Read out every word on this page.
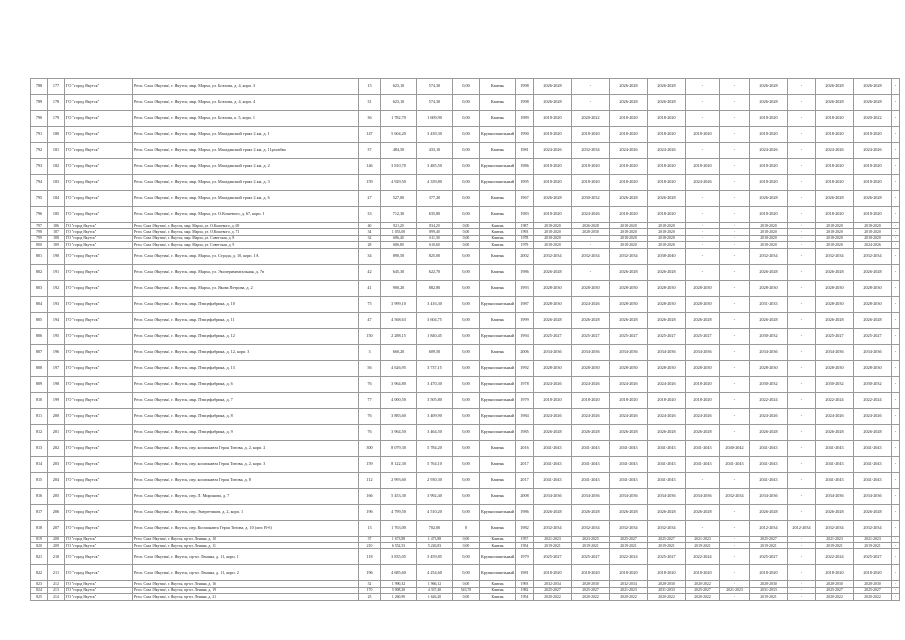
788	177	ГО "город Якутск"	Респ. Саха /Якутия/, г. Якутск, мкр. Марха, ул. Бозлова, д. 4, корп. 3	15	623,10	574,30	0,00	Камень	1998	2026-2028	-	2026-2028	2026-2028	-	-	2026-2028	-	2026-2028	2026-2028	-
789	178	ГО "город Якутск"	Респ. Саха /Якутия/, г. Якутск, мкр. Марха, ул. Бозлова, д. 4, корп. 4	31	623,10	574,30	0,00	Камень	1998	2026-2028	-	2026-2028	2026-2028	-	-	2026-2028	-	2026-2028	2026-2028	-
790	179	ГО "город Якутск"	Респ. Саха /Якутия/, г. Якутск, мкр. Марха, ул. Бозлова, к. 5, корп. 1	36	1 782,70	1 609,90	0,00	Камень	1989	2018-2020	2020-2022	2018-2020	2018-2020	-	-	2018-2020	-	2018-2020	2020-2022	-
791	180	ГО "город Якутск"	Респ. Саха /Якутия/, г. Якутск, мкр. Марха, ул. Магаданский тракт 2 км, д. 1	147	5 604,20	3 439,30	0,00	Крупнопанельный	1990	2018-2020	2018-2020	2018-2020	2018-2020	2018-2020	-	2018-2020	-	2018-2020	2018-2020	-
792	181	ГО "город Якутск"	Респ. Саха /Якутия/, г. Якутск, мкр. Марха, ул. Магаданский тракт 2 км, д. 11рхоабва	37	484,50	433,10	0,00	Камень	1981	2024-2026	2032-2034	2024-2026	2024-2026	-	-	2024-2026	-	2024-2026	2024-2026	-
793	182	ГО "город Якутск"	Респ. Саха /Якутия/, г. Якутск, мкр. Марха, ул. Магаданский тракт 2 км, д. 2	146	3 810,70	3 485,50	0,00	Крупнопанельный	1986	2018-2020	2018-2020	2018-2020	2018-2020	2018-2020	-	2018-2020	-	2018-2020	2018-2020	-
794	183	ГО "город Якутск"	Респ. Саха /Якутия/, г. Якутск, мкр. Марха, ул. Магаданский тракт 2 км, д. 3	159	4 929,50	4 339,80	0,00	Крупнопанельный	1995	2018-2020	2018-2020	2018-2020	2018-2020	2024-2026	-	2018-2020	-	2018-2020	2018-2020	-
795	184	ГО "город Якутск"	Респ. Саха /Якутия/, г. Якутск, мкр. Марха, ул. Магаданский тракт 2 км, д. 6	27	527,00	377,20	0,00	Камень	1967	2026-2028	2030-2032	2026-2028	2026-2028	-	-	2026-2028	-	2026-2028	2026-2028	-
796	185	ГО "город Якутск"	Респ. Саха /Якутия/, г. Якутск, мкр. Марха, ул. О.Кошевого, д. 67, корп. 1	33	712,30	635,80	0,00	Камень	1983	2018-2020	2024-2026	2018-2020	2018-2020	-	-	2018-2020	-	2018-2020	2018-2020	-
797	186	ГО "город Якутск"	Респ. Саха /Якутия/, г. Якутск, мкр. Марха, ул. О.Кошевого, д. 69	40	921,20	834,20	0,00	Камень	1987	2018-2020	2026-2028	2018-2020	2018-2020	-	-	2018-2020	-	2018-2020	2018-2020	-
798	187	ГО "город Якутск"	Респ. Саха /Якутия/, г. Якутск, мкр. Марха, ул. О.Кошевого, д. 71	34	1 053,00	899,40	0,00	Камень	1993	2018-2020	2028-2030	2018-2020	2018-2020	-	-	2018-2020	-	2018-2020	2018-2020	-
799	188	ГО "город Якутск"	Респ. Саха /Якутия/, г. Якутск, мкр. Марха, ул. Советская, д. 8	32	686,40	611,30	0,00	Камень	1978	2018-2020	-	2018-2020	2018-2020	-	-	2018-2020	-	2018-2020	2018-2020	-
800	189	ГО "город Якутск"	Респ. Саха /Якутия/, г. Якутск, мкр. Марха, ул. Советская, д. 9	28	686,80	610,60	0,00	Камень	1979	2018-2020	-	2018-2020	2018-2020	-	-	2018-2020	-	2018-2020	2024-2026	-
801	190	ГО "город Якутск"	Респ. Саха /Якутия/, г. Якутск, мкр. Марха, ул. Строда, д. 10, корп. 1А	34	890,50	825,00	0,00	Камень	2002	2032-2034	2032-2034	2032-2034	2038-2040	-	-	2032-2034	-	2032-2034	2032-2034	-
802	191	ГО "город Якутск"	Респ. Саха /Якутия/, г. Якутск, мкр. Марха, ул. Экспериментальная, д. 7в	42	645,30	622,70	0,00	Камень	1986	2026-2028	-	2026-2028	2026-2028	-	-	2026-2028	-	2026-2028	2026-2028	-
803	192	ГО "город Якутск"	Респ. Саха /Якутия/, г. Якутск, мкр. Марха, ул. Якова Петрова, д. 2	41	900,20	882,80	0,00	Камень	1993	2028-2030	2028-2030	2028-2030	2028-2030	2028-2030	-	2028-2030	-	2028-2030	2028-2030	-
804	193	ГО "город Якутск"	Респ. Саха /Якутия/, г. Якутск, мкр. Птицефабрика, д. 10	75	3 999,10	3 416,30	0,00	Крупнопанельный	1987	2028-2030	2024-2026	2028-2030	2028-2030	2028-2030	-	2031-2033	-	2028-2030	2028-2030	-
805	194	ГО "город Якутск"	Респ. Саха /Якутия/, г. Якутск, мкр. Птицефабрика, д. 11	47	4 568,63	3 604,75	0,00	Камень	1999	2026-2028	2026-2028	2026-2028	2026-2028	2026-2028	-	2026-2028	-	2026-2028	2026-2028	-
806	195	ГО "город Якутск"	Респ. Саха /Якутия/, г. Якутск, мкр. Птицефабрика, д. 12	150	2 288,15	1 840,45	0,00	Крупнопанельный	1994	2025-2027	2025-2027	2025-2027	2025-2027	2025-2027	-	2030-2032	-	2025-2027	2025-2027	-
807	196	ГО "город Якутск"	Респ. Саха /Якутия/, г. Якутск, мкр. Птицефабрика, д. 12, корп. 3	3	660,20	609,50	0,00	Камень	2006	2034-2036	2034-2036	2034-2036	2034-2036	2034-2036	-	2034-2036	-	2034-2036	2034-2036	-
808	197	ГО "город Якутск"	Респ. Саха /Якутия/, г. Якутск, мкр. Птицефабрика, д. 13	56	4 626,95	3 737,15	0,00	Крупнопанельный	1992	2028-2030	2028-2030	2028-2030	2028-2030	2028-2030	-	2028-2030	-	2028-2030	2028-2030	-
809	198	ГО "город Якутск"	Респ. Саха /Якутия/, г. Якутск, мкр. Птицефабрика, д. 6	76	3 964,80	3 470,30	0,00	Крупнопанельный	1978	2024-2026	2024-2026	2024-2026	2024-2026	2018-2020	-	2030-2032	-	2030-2032	2030-2032	-
810	199	ГО "город Якутск"	Респ. Саха /Якутия/, г. Якутск, мкр. Птицефабрика, д. 7	77	4 000,50	3 505,80	0,00	Крупнопанельный	1979	2018-2020	2018-2020	2018-2020	2018-2020	2018-2020	-	2022-2024	-	2022-2024	2022-2024	-
811	200	ГО "город Якутск"	Респ. Саха /Якутия/, г. Якутск, мкр. Птицефабрика, д. 8	76	3 883,60	3 409,90	0,00	Крупнопанельный	1984	2024-2026	2024-2026	2024-2026	2024-2026	2024-2026	-	2024-2026	-	2024-2026	2024-2026	-
812	201	ГО "город Якутск"	Респ. Саха /Якутия/, г. Якутск, мкр. Птицефабрика, д. 9	76	3 964,50	3 464,50	0,00	Крупнопанельный	1985	2026-2028	2026-2028	2026-2028	2026-2028	2026-2028	-	2026-2028	-	2026-2028	2026-2028	-
813	202	ГО "город Якутск"	Респ. Саха /Якутия/, г. Якутск, пер. космонавта Героя Титова, д. 2, корп. 2	300	8 079,30	5 784,20	0,00	Камень	2016	2041-2043	2041-2043	2041-2043	2041-2043	2041-2043	2040-2042	2041-2043	-	2041-2043	2041-2043	-
814	203	ГО "город Якутск"	Респ. Саха /Якутия/, г. Якутск, пер. космонавта Героя Титова, д. 2, корп. 3	159	8 122,30	5 764,10	0,00	Камень	2017	2041-2043	2041-2043	2041-2043	2041-2043	2041-2043	2041-2043	2041-2043	-	2041-2043	2041-2043	-
815	204	ГО "город Якутск"	Респ. Саха /Якутия/, г. Якутск, пер. космонавта Героя Титова, д. 8	112	2 993,60	2 930,30	0,00	Камень	2017	2041-2043	2041-2043	2041-2043	2041-2043	-	-	2041-2043	-	2041-2043	2041-2043	-
816	205	ГО "город Якутск"	Респ. Саха /Якутия/, г. Якутск, пер. Л. Миронова, д. 7	166	5 453,30	3 992,40	0,00	Камень	2008	2034-2036	2034-2036	2034-2036	2034-2036	2034-2036	2032-2034	2034-2036	-	2034-2036	2034-2036	-
817	206	ГО "город Якутск"	Респ. Саха /Якутия/, г. Якутск, пер. Энергетиков, д. 2, корп. 1	196	4 799,50	4 510,20	0,00	Крупнопанельный	1986	2026-2028	2026-2028	2026-2028	2026-2028	2026-2028	-	2026-2028	-	2026-2028	2026-2028	-
818	207	ГО "город Якутск"	Респ. Саха /Якутия/, г. Якутск, пер. Космонавта Героя Титова, д. 10 (лит. В-б)	13	1 763,00	702,00	0	Камень	1982	2032-2034	2032-2034	2032-2034	2032-2034	-	-	2012-2034	2012-2034	2032-2034	2032-2034	-
819	208	ГО "город Якутск"	Респ. Саха /Якутия/, г. Якутск, пр-кт. Ленина, д. 10	37	1 673,88	1 473,88	0,00	Камень	1957	2021-2023	2023-2025	2025-2027	2025-2027	2021-2023	-	2025-2027	-	2021-2023	2021-2023	-
820	209	ГО "город Якутск"	Респ. Саха /Якутия/, г. Якутск, пр-кт. Ленина, д. 11	210	6 552,53	5 226,83	0,00	Камень	1954	2019-2021	2019-2021	2019-2021	2019-2021	2019-2021	-	2019-2021	-	2019-2021	2019-2021	-
821	210	ГО "город Якутск"	Респ. Саха /Якутия/, г. Якутск, пр-кт. Ленина, д. 11, корп. 1	118	3 835,05	3 459,85	0,00	Крупнопанельный	1979	2025-2027	2025-2027	2022-2024	2025-2027	2022-2024	-	2025-2027	-	2022-2024	2025-2027	-
822	211	ГО "город Якутск"	Респ. Саха /Якутия/, г. Якутск, пр-кт. Ленина, д. 11, корп. 2	196	4 685,60	4 254,60	0,00	Крупнопанельный	1981	2018-2020	2018-2020	2018-2020	2018-2020	2018-2020	-	2018-2020	-	2018-2020	2018-2020	-
823	212	ГО "город Якутск"	Респ. Саха /Якутия/, г. Якутск, пр-кт. Ленина, д. 16	52	1 990,32	1 966,12	0,00	Камень	1993	2032-2034	2028-2030	2032-2034	2028-2030	2020-2022	-	2028-2030	-	2028-2030	2028-2030	-
824	213	ГО "город Якутск"	Респ. Саха /Якутия/, г. Якутск, пр-кт. Ленина, д. 19	170	5 908,20	4 337,40	543,70	Камень	1982	2025-2027	2025-2027	2021-2023	2031-2033	2025-2027	2021-2023	2031-2033	-	2025-2027	2025-2027	-
825	214	ГО "город Якутск"	Респ. Саха /Якутия/, г. Якутск, пр-кт. Ленина, д. 21	25	1 260,90	1 626,20	0,00	Камень	1954	2020-2022	2020-2022	2020-2022	2020-2022	2020-2022	-	2019-2021	-	2020-2022	2020-2022	-
